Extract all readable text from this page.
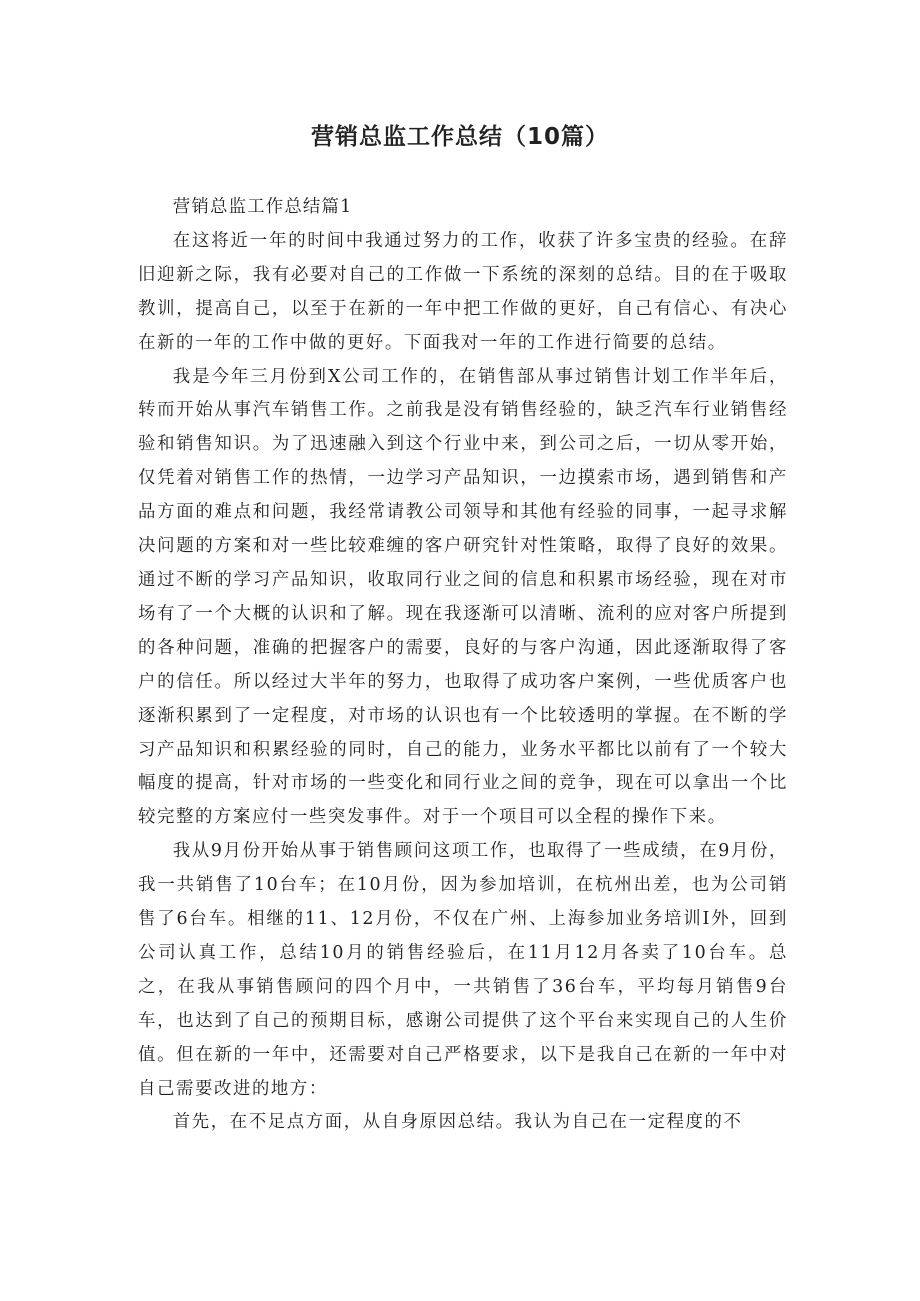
营销总监工作总结（10篇）

营销总监工作总结篇1

在这将近一年的时间中我通过努力的工作，收获了许多宝贵的经验。在辞旧迎新之际，我有必要对自己的工作做一下系统的深刻的总结。目的在于吸取教训，提高自己，以至于在新的一年中把工作做的更好，自己有信心、有决心在新的一年的工作中做的更好。下面我对一年的工作进行简要的总结。

我是今年三月份到X公司工作的，在销售部从事过销售计划工作半年后，转而开始从事汽车销售工作。之前我是没有销售经验的，缺乏汽车行业销售经验和销售知识。为了迅速融入到这个行业中来，到公司之后，一切从零开始，仅凭着对销售工作的热情，一边学习产品知识，一边摸索市场，遇到销售和产品方面的难点和问题，我经常请教公司领导和其他有经验的同事，一起寻求解决问题的方案和对一些比较难缠的客户研究针对性策略，取得了良好的效果。通过不断的学习产品知识，收取同行业之间的信息和积累市场经验，现在对市场有了一个大概的认识和了解。现在我逐渐可以清晰、流利的应对客户所提到的各种问题，准确的把握客户的需要，良好的与客户沟通，因此逐渐取得了客户的信任。所以经过大半年的努力，也取得了成功客户案例，一些优质客户也逐渐积累到了一定程度，对市场的认识也有一个比较透明的掌握。在不断的学习产品知识和积累经验的同时，自己的能力，业务水平都比以前有了一个较大幅度的提高，针对市场的一些变化和同行业之间的竞争，现在可以拿出一个比较完整的方案应付一些突发事件。对于一个项目可以全程的操作下来。

我从9月份开始从事于销售顾问这项工作，也取得了一些成绩，在9月份，我一共销售了10台车；在10月份，因为参加培训，在杭州出差，也为公司销售了6台车。相继的11、12月份，不仅在广州、上海参加业务培训I外，回到公司认真工作，总结10月的销售经验后，在11月12月各卖了10台车。总之，在我从事销售顾问的四个月中，一共销售了36台车，平均每月销售9台车，也达到了自己的预期目标，感谢公司提供了这个平台来实现自己的人生价值。但在新的一年中，还需要对自己严格要求，以下是我自己在新的一年中对自己需要改进的地方：

首先，在不足点方面，从自身原因总结。我认为自己在一定程度的不
